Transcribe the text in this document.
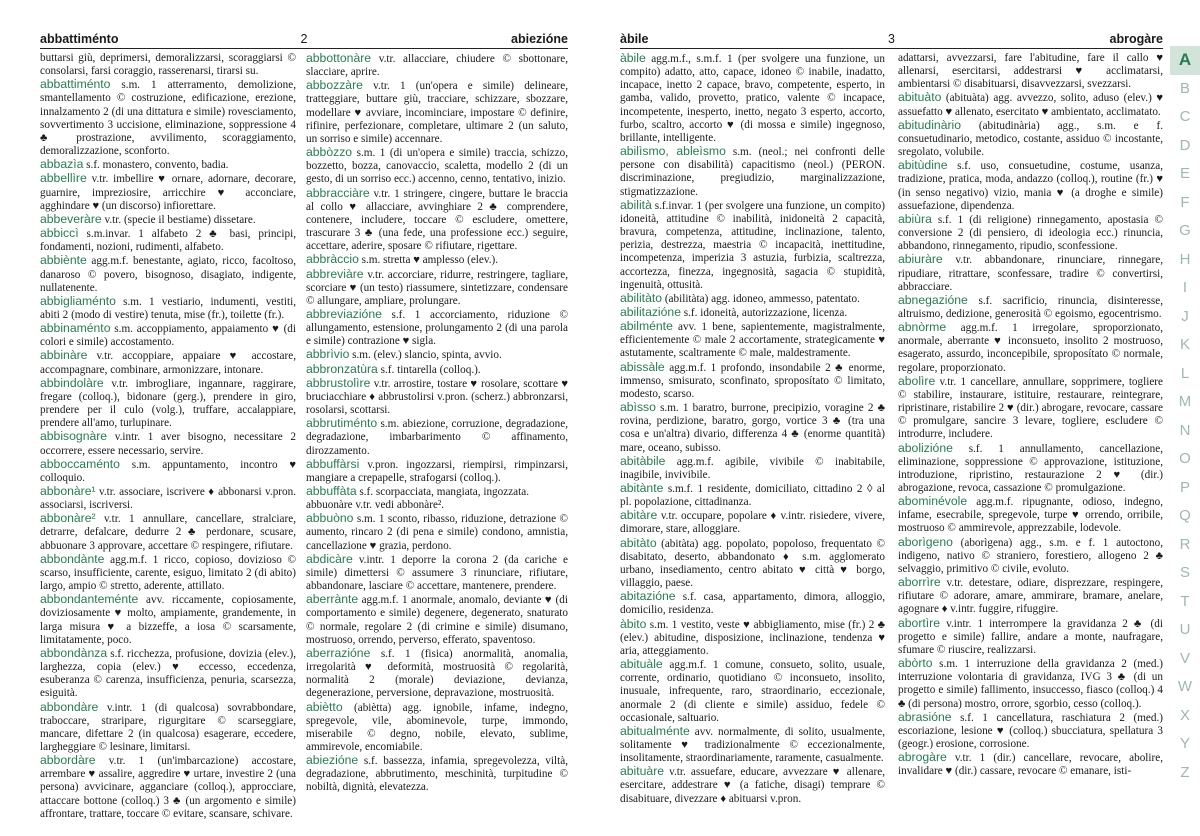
abbattiménto	2	abiezióne

buttarsi giù, deprimersi, demoralizzarsi, scoraggiarsi © consolarsi, farsi coraggio, rasserenarsi, tirarsi su.

abbattiménto s.m. 1 atterramento, demolizione, smantellamento © costruzione, edificazione, erezione, innalzamento 2 (di una dittatura e simile) rovesciamento, sovvertimento 3 uccisione, eliminazione, soppressione 4 ♣ prostrazione, avvilimento, scoraggiamento, demoralizzazione, sconforto.

abbazìa s.f. monastero, convento, badia.

abbellìre v.tr. imbellire ♥ ornare, adornare, decorare, guarnire, impreziosire, arricchire ♥ acconciare, agghindare ♥ (un discorso) infiorettare.

abbeveràre v.tr. (specie il bestiame) dissetare.

abbiccì s.m.invar. 1 alfabeto 2 ♣ basi, principi, fondamenti, nozioni, rudimenti, alfabeto.

abbiènte agg.m.f. benestante, agiato, ricco, facoltoso, danaroso © povero, bisognoso, disagiato, indigente, nullatenente.

abbigliaménto s.m. 1 vestiario, indumenti, vestiti, abiti 2 (modo di vestire) tenuta, mise (fr.), toilette (fr.).

abbinaménto s.m. accoppiamento, appaiamento ♥ (di colori e simile) accostamento.

abbinàre v.tr. accoppiare, appaiare ♥ accostare, accompagnare, combinare, armonizzare, intonare.

abbindolàre v.tr. imbrogliare, ingannare, raggirare, fregare (colloq.), bidonare (gerg.), prendere in giro, prendere per il culo (volg.), truffare, accalappiare, prendere all'amo, turlupinare.

abbisognàre v.intr. 1 aver bisogno, necessitare 2 occorrere, essere necessario, servire.

abboccaménto s.m. appuntamento, incontro ♥ colloquio.

abbonàre¹ v.tr. associare, iscrivere ♦ abbonarsi v.pron. associarsi, iscriversi.

abbonàre² v.tr. 1 annullare, cancellare, stralciare, detrarre, defalcare, dedurre 2 ♣ perdonare, scusare, abbuonare 3 approvare, accettare © respingere, rifiutare.

abbondànte agg.m.f. 1 ricco, copioso, dovizioso © scarso, insufficiente, carente, esiguo, limitato 2 (di abito) largo, ampio © stretto, aderente, attillato.

abbondanteménte avv. riccamente, copiosamente, doviziosamente ♥ molto, ampiamente, grandemente, in larga misura ♥ a bizzeffe, a iosa © scarsamente, limitatamente, poco.

abbondànza s.f. ricchezza, profusione, dovizia (elev.), larghezza, copia (elev.) ♥ eccesso, eccedenza, esuberanza © carenza, insufficienza, penuria, scarsezza, esiguità.

abbondàre v.intr. 1 (di qualcosa) sovrabbondare, traboccare, straripare, rigurgitare © scarseggiare, mancare, difettare 2 (in qualcosa) esagerare, eccedere, largheggiare © lesinare, limitarsi.

abbordàre v.tr. 1 (un'imbarcazione) accostare, arrembare ♥ assalire, aggredire ♥ urtare, investire 2 (una persona) avvicinare, agganciare (colloq.), approcciare, attaccare bottone (colloq.) 3 ♣ (un argomento e simile) affrontare, trattare, toccare © evitare, scansare, schivare.

abbottonàre v.tr. allacciare, chiudere © sbottonare, slacciare, aprire.

abbozzàre v.tr. 1 (un'opera e simile) delineare, tratteggiare, buttare giù, tracciare, schizzare, sbozzare, modellare ♥ avviare, incominciare, impostare © definire, rifinire, perfezionare, completare, ultimare 2 (un saluto, un sorriso e simile) accennare.

abbòzzo s.m. 1 (di un'opera e simile) traccia, schizzo, bozzetto, bozza, canovaccio, scaletta, modello 2 (di un gesto, di un sorriso ecc.) accenno, cenno, tentativo, inizio.

abbracciàre v.tr. 1 stringere, cingere, buttare le braccia al collo ♥ allacciare, avvinghiare 2 ♣ comprendere, contenere, includere, toccare © escludere, omettere, trascurare 3 ♣ (una fede, una professione ecc.) seguire, accettare, aderire, sposare © rifiutare, rigettare.

abbràccio s.m. stretta ♥ amplesso (elev.).

abbreviàre v.tr. accorciare, ridurre, restringere, tagliare, scorciare ♥ (un testo) riassumere, sintetizzare, condensare © allungare, ampliare, prolungare.

abbreviazióne s.f. 1 accorciamento, riduzione © allungamento, estensione, prolungamento 2 (di una parola e simile) contrazione ♥ sigla.

abbrìvio s.m. (elev.) slancio, spinta, avvio.

abbronzatùra s.f. tintarella (colloq.).

abbrustolìre v.tr. arrostire, tostare ♥ rosolare, scottare ♥ bruciacchiare ♦ abbrustolirsi v.pron. (scherz.) abbronzarsi, rosolarsi, scottarsi.

abbrutiménto s.m. abiezione, corruzione, degradazione, degradazione, imbarbarimento © affinamento, dirozzamento.

abbuffàrsi v.pron. ingozzarsi, riempirsi, rimpinzarsi, mangiare a crepapelle, strafogarsi (colloq.).

abbuffàta s.f. scorpacciata, mangiata, ingozzata.

abbuonàre v.tr. vedi abbonàre².

abbuòno s.m. 1 sconto, ribasso, riduzione, detrazione © aumento, rincaro 2 (di pena e simile) condono, amnistia, cancellazione ♥ grazia, perdono.

abdicàre v.intr. 1 deporre la corona 2 (da cariche e simile) dimettersi © assumere 3 rinunciare, rifiutare, abbandonare, lasciare © accettare, mantenere, prendere.

aberrànte agg.m.f. 1 anormale, anomalo, deviante ♥ (di comportamento e simile) degenere, degenerato, snaturato © normale, regolare 2 (di crimine e simile) disumano, mostruoso, orrendo, perverso, efferato, spaventoso.

aberrazióne s.f. 1 (fisica) anormalità, anomalia, irregolarità ♥ deformità, mostruosità © regolarità, normalità 2 (morale) deviazione, devianza, degenerazione, perversione, depravazione, mostruosità.

abiètto (abiètta) agg. ignobile, infame, indegno, spregevole, vile, abominevole, turpe, immondo, miserabile © degno, nobile, elevato, sublime, ammirevole, encomiabile.

abiezióne s.f. bassezza, infamia, spregevolezza, viltà, degradazione, abbrutimento, meschinità, turpitudine © nobiltà, dignità, elevatezza.

àbile	3	abrogàre

àbile agg.m.f., s.m.f. 1 (per svolgere una funzione, un compito) adatto, atto, capace, idoneo © inabile, inadatto, incapace, inetto 2 capace, bravo, competente, esperto, in gamba, valido, provetto, pratico, valente © incapace, incompetente, inesperto, inetto, negato 3 esperto, accorto, furbo, scaltro, accorto ♥ (di mossa e simile) ingegnoso, brillante, intelligente.

abilìsmo, ableìsmo s.m. (neol.; nei confronti delle persone con disabilità) capacitismo (neol.) (PERON. discriminazione, pregiudizio, marginalizzazione, stigmatizzazione.

abilità s.f.invar. 1 (per svolgere una funzione, un compito) idoneità, attitudine © inabilità, inidoneità 2 capacità, bravura, competenza, attitudine, inclinazione, talento, perizia, destrezza, maestria © incapacità, inettitudine, incompetenza, imperizia 3 astuzia, furbizia, scaltrezza, accortezza, finezza, ingegnosità, sagacia © stupidità, ingenuità, ottusità.

abilitàto (abilitàta) agg. idoneo, ammesso, patentato.

abilitazióne s.f. idoneità, autorizzazione, licenza.

abilménte avv. 1 bene, sapientemente, magistralmente, efficientemente © male 2 accortamente, strategicamente ♥ astutamente, scaltramente © male, maldestramente.

abissàle agg.m.f. 1 profondo, insondabile 2 ♣ enorme, immenso, smisurato, sconfinato, sproposítato © limitato, modesto, scarso.

abìsso s.m. 1 baratro, burrone, precipizio, voragine 2 ♣ rovina, perdizione, baratro, gorgo, vortice 3 ♣ (tra una cosa e un'altra) divario, differenza 4 ♣ (enorme quantità) mare, oceano, subisso.

abitàbile agg.m.f. agibile, vivibile © inabitabile, inagibile, invivibile.

abitànte s.m.f. 1 residente, domiciliato, cittadino 2 ◊ al pl. popolazione, cittadinanza.

abitàre v.tr. occupare, popolare ♦ v.intr. risiedere, vivere, dimorare, stare, alloggiare.

abitàto (abitàta) agg. popolato, popoloso, frequentato © disabitato, deserto, abbandonato ♦ s.m. agglomerato urbano, insediamento, centro abitato ♥ città ♥ borgo, villaggio, paese.

abitazióne s.f. casa, appartamento, dimora, alloggio, domicilio, residenza.

àbito s.m. 1 vestito, veste ♥ abbigliamento, mise (fr.) 2 ♣ (elev.) abitudine, disposizione, inclinazione, tendenza ♥ aria, atteggiamento.

abituàle agg.m.f. 1 comune, consueto, solito, usuale, corrente, ordinario, quotidiano © inconsueto, insolito, inusuale, infrequente, raro, straordinario, eccezionale, anormale 2 (di cliente e simile) assiduo, fedele © occasionale, saltuario.

abitualménte avv. normalmente, di solito, usualmente, solitamente ♥ tradizionalmente © eccezionalmente, insolitamente, straordinariamente, raramente, casualmente.

abituàre v.tr. assuefare, educare, avvezzare ♥ allenare, esercitare, addestrare ♥ (a fatiche, disagi) temprare © disabituare, divezzare ♦ abituarsi v.pron.

adattarsi, avvezzarsi, fare l'abitudine, fare il callo ♥ allenarsi, esercitarsi, addestrarsi ♥ acclimatarsi, ambientarsi © disabituarsi, disavvezzarsi, svezzarsi.

abituàto (abituàta) agg. avvezzo, solito, aduso (elev.) ♥ assuefatto ♥ allenato, esercitato ♥ ambientato, acclimatato.

abitudinàrio (abitudinària) agg., s.m. e f. consuetudinario, metodico, costante, assiduo © incostante, sregolato, volubile.

abitùdine s.f. uso, consuetudine, costume, usanza, tradizione, pratica, moda, andazzo (colloq.), routine (fr.) ♥ (in senso negativo) vizio, mania ♥ (a droghe e simile) assuefazione, dipendenza.

abiùra s.f. 1 (di religione) rinnegamento, apostasia © conversione 2 (di pensiero, di ideologia ecc.) rinuncia, abbandono, rinnegamento, ripudio, sconfessione.

abiuràre v.tr. abbandonare, rinunciare, rinnegare, ripudiare, ritrattare, sconfessare, tradire © convertirsi, abbracciare.

abnegazióne s.f. sacrificio, rinuncia, disinteresse, altruismo, dedizione, generosità © egoismo, egocentrismo.

abnòrme agg.m.f. 1 irregolare, sproporzionato, anormale, aberrante ♥ inconsueto, insolito 2 mostruoso, esagerato, assurdo, inconcepibile, sproposítato © normale, regolare, proporzionato.

abolìre v.tr. 1 cancellare, annullare, sopprimere, togliere © stabilire, instaurare, istituire, restaurare, reintegrare, ripristinare, ristabilire 2 ♥ (dir.) abrogare, revocare, cassare © promulgare, sancire 3 levare, togliere, escludere © introdurre, includere.

abolizióne s.f. 1 annullamento, cancellazione, eliminazione, soppressione © approvazione, istituzione, introduzione, ripristino, restaurazione 2 ♥ (dir.) abrogazione, revoca, cassazione © promulgazione.

abominévole agg.m.f. ripugnante, odioso, indegno, infame, esecrabile, spregevole, turpe ♥ orrendo, orribile, mostruoso © ammirevole, apprezzabile, lodevole.

aborìgeno (aborìgena) agg., s.m. e f. 1 autoctono, indigeno, nativo © straniero, forestiero, allogeno 2 ♣ selvaggio, primitivo © civile, evoluto.

aborrìre v.tr. detestare, odiare, disprezzare, respingere, rifiutare © adorare, amare, ammirare, bramare, anelare, agognare ♦ v.intr. fuggire, rifuggire.

abortìre v.intr. 1 interrompere la gravidanza 2 ♣ (di progetto e simile) fallire, andare a monte, naufragare, sfumare © riuscire, realizzarsi.

abòrto s.m. 1 interruzione della gravidanza 2 (med.) interruzione volontaria di gravidanza, IVG 3 ♣ (di un progetto e simile) fallimento, insuccesso, fiasco (colloq.) 4 ♣ (di persona) mostro, orrore, sgorbio, cesso (colloq.).

abrasióne s.f. 1 cancellatura, raschiatura 2 (med.) escoriazione, lesione ♥ (colloq.) sbucciatura, spellatura 3 (geogr.) erosione, corrosione.

abrogàre v.tr. 1 (dir.) cancellare, revocare, abolire, invalidare ♥ (dir.) cassare, revocare © emanare, isti-

A
B
C
D
E
F
G
H
I
J
K
L
M
N
O
P
Q
R
S
T
U
V
W
X
Y
Z
